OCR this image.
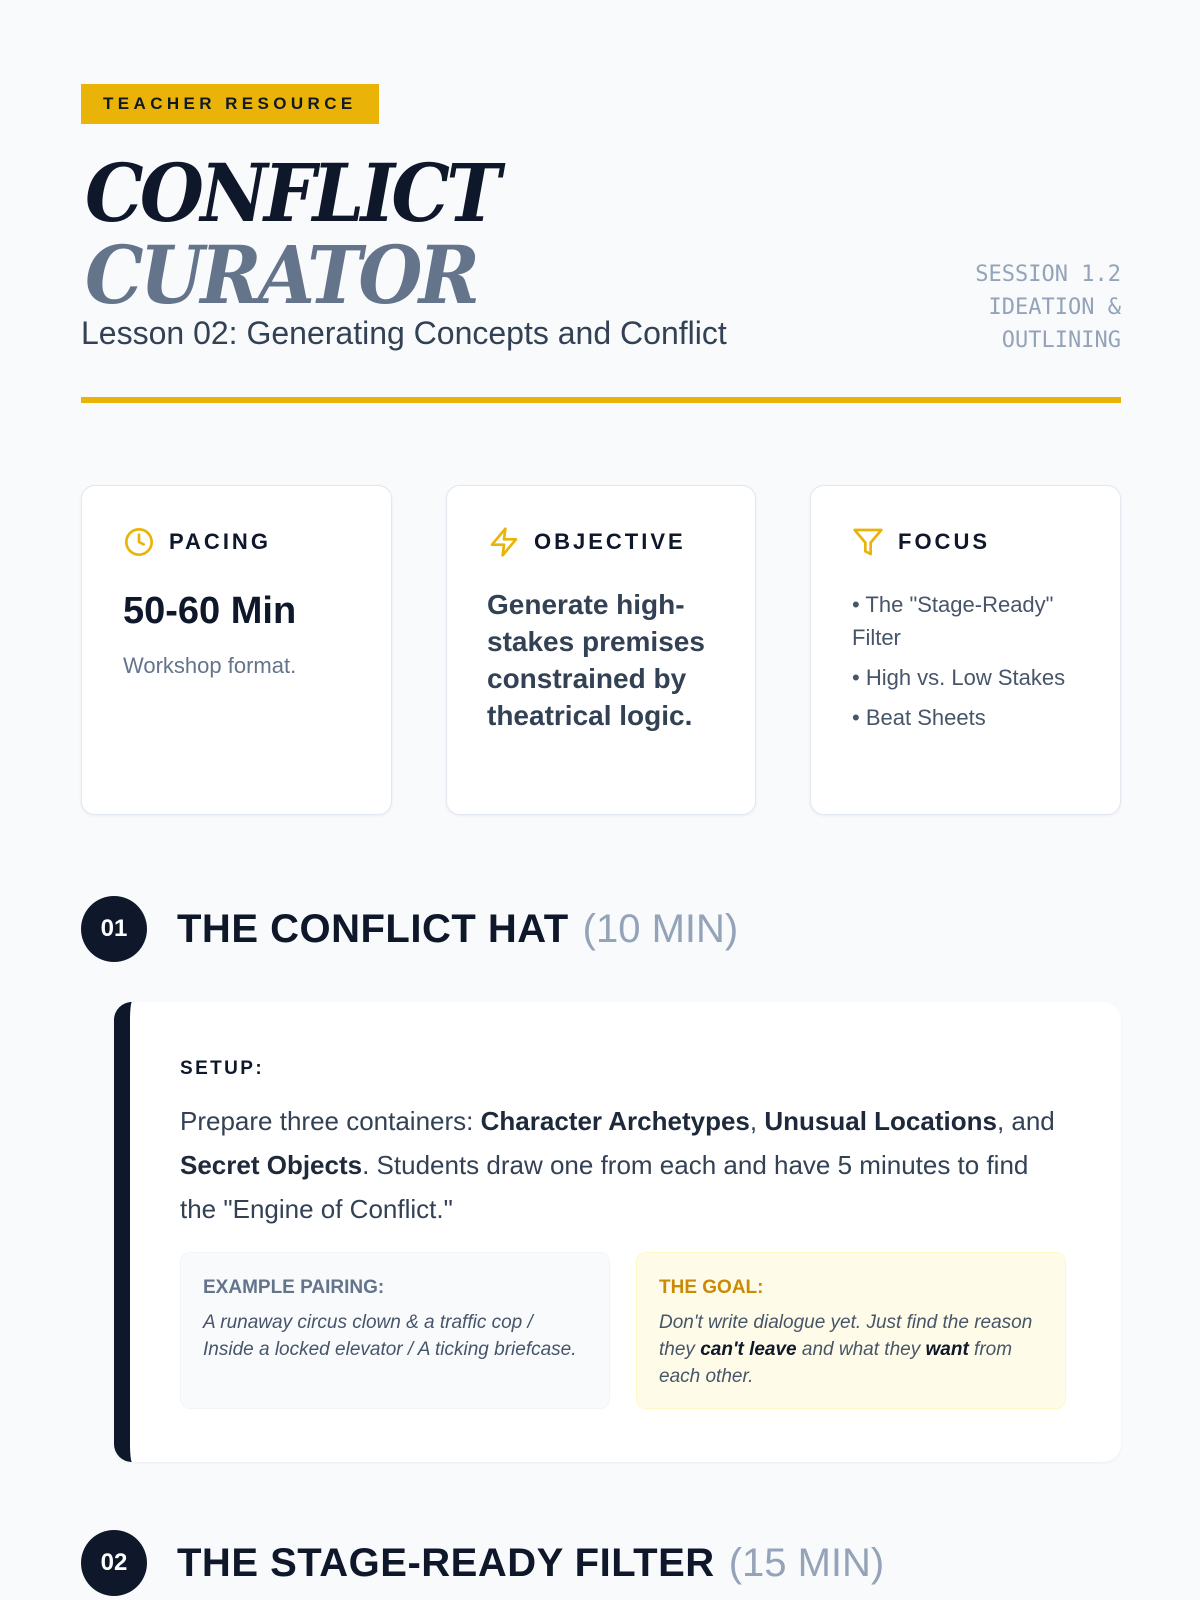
TEACHER RESOURCE
CONFLICT
CURATOR
Lesson 02: Generating Concepts and Conflict
SESSION 1.2
IDEATION &
OUTLINING
PACING
50-60 Min
Workshop format.
OBJECTIVE
Generate high-stakes premises constrained by theatrical logic.
FOCUS
• The "Stage-Ready" Filter
• High vs. Low Stakes
• Beat Sheets
01	THE CONFLICT HAT (10 MIN)
SETUP:
Prepare three containers: Character Archetypes, Unusual Locations, and Secret Objects. Students draw one from each and have 5 minutes to find the "Engine of Conflict."
EXAMPLE PAIRING:
A runaway circus clown & a traffic cop / Inside a locked elevator / A ticking briefcase.
THE GOAL:
Don't write dialogue yet. Just find the reason they can't leave and what they want from each other.
02	THE STAGE-READY FILTER (15 MIN)
